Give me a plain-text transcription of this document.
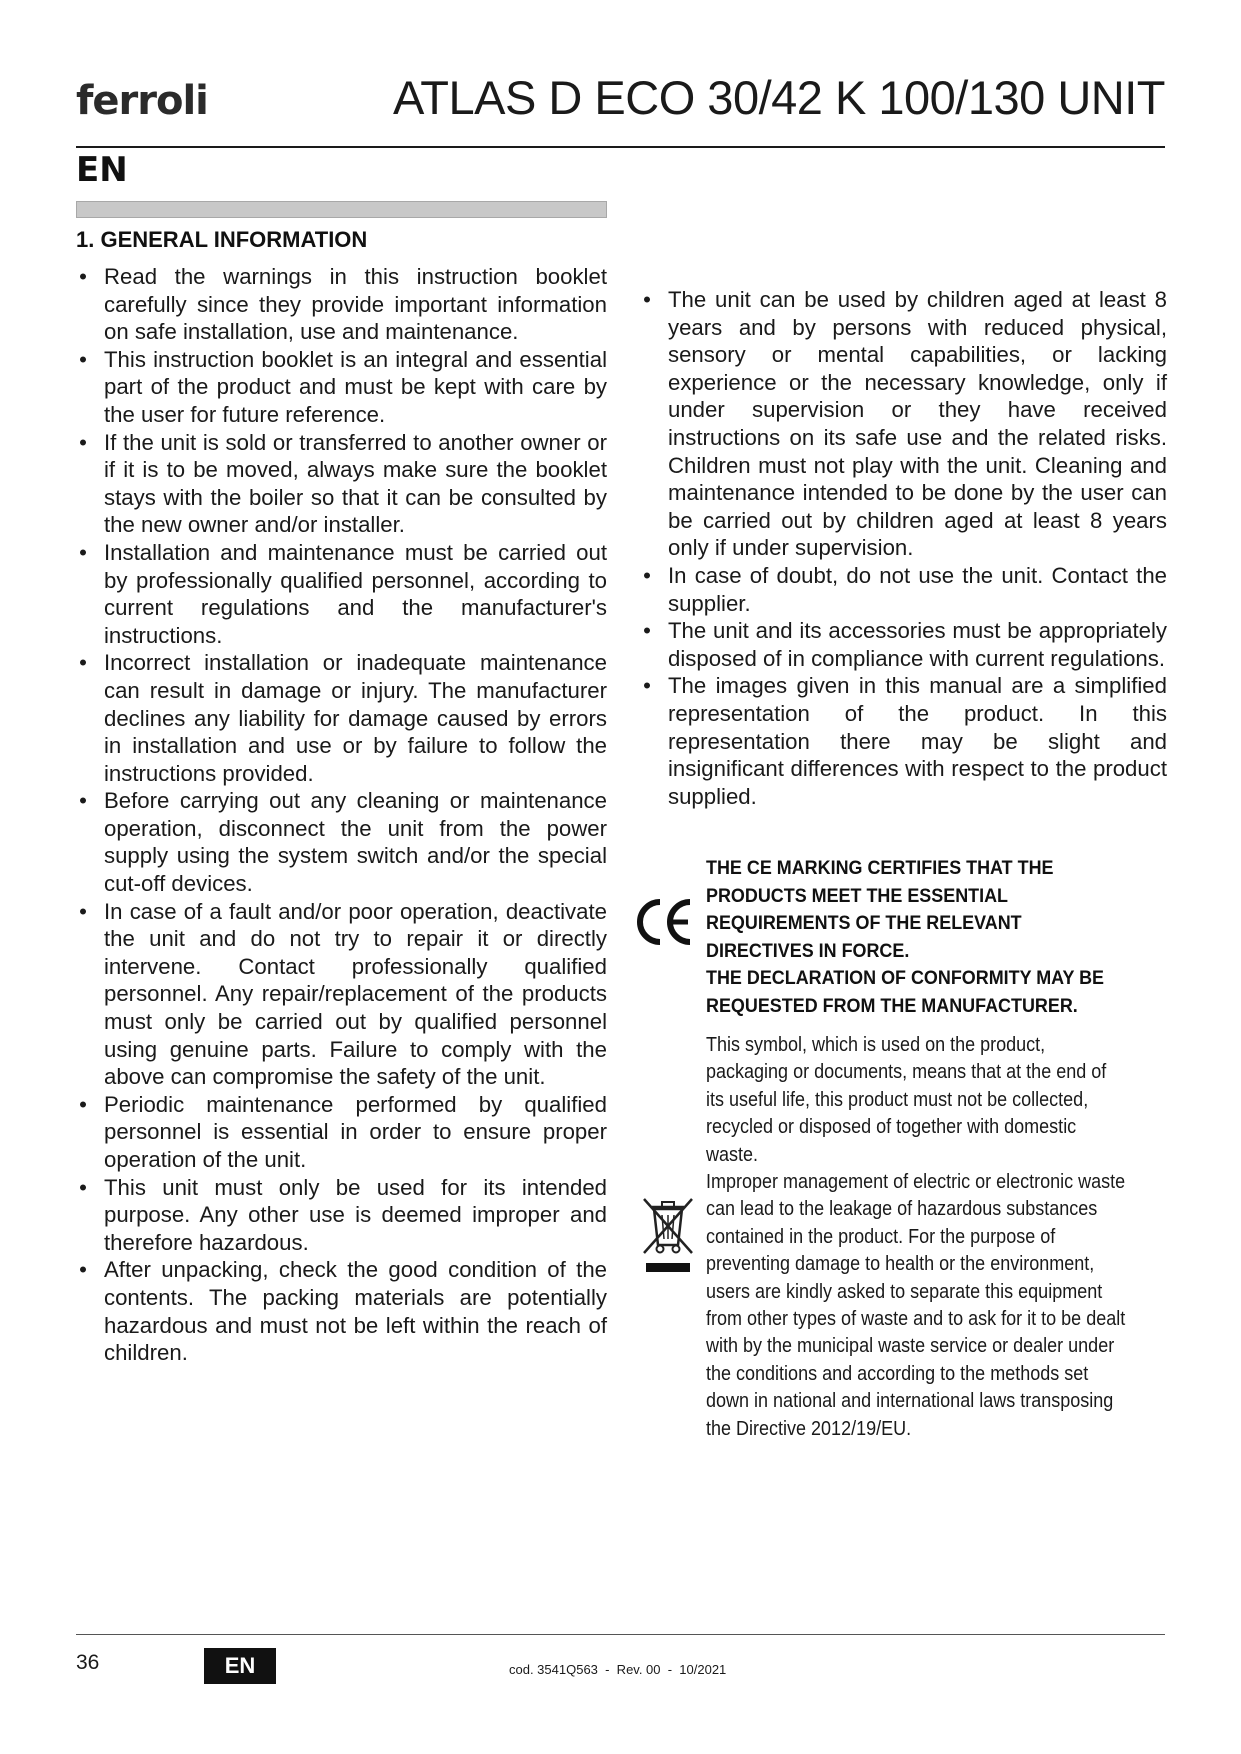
ferroli	ATLAS D ECO 30/42 K 100/130 UNIT
EN
1. GENERAL INFORMATION
• Read the warnings in this instruction booklet carefully since they provide important information on safe installation, use and maintenance.
• This instruction booklet is an integral and essential part of the product and must be kept with care by the user for future reference.
• If the unit is sold or transferred to another owner or if it is to be moved, always make sure the booklet stays with the boiler so that it can be consulted by the new owner and/or installer.
• Installation and maintenance must be carried out by professionally qualified personnel, according to current regulations and the manufacturer's instructions.
• Incorrect installation or inadequate maintenance can result in damage or injury. The manufacturer declines any liability for damage caused by errors in installation and use or by failure to follow the instructions provided.
• Before carrying out any cleaning or maintenance operation, disconnect the unit from the power supply using the system switch and/or the special cut-off devices.
• In case of a fault and/or poor operation, deactivate the unit and do not try to repair it or directly intervene. Contact professionally qualified personnel. Any repair/replacement of the products must only be carried out by qualified personnel using genuine parts. Failure to comply with the above can compromise the safety of the unit.
• Periodic maintenance performed by qualified personnel is essential in order to ensure proper operation of the unit.
• This unit must only be used for its intended purpose. Any other use is deemed improper and therefore hazardous.
• After unpacking, check the good condition of the contents. The packing materials are potentially hazardous and must not be left within the reach of children.
• The unit can be used by children aged at least 8 years and by persons with reduced physical, sensory or mental capabilities, or lacking experience or the necessary knowledge, only if under supervision or they have received instructions on its safe use and the related risks. Children must not play with the unit. Cleaning and maintenance intended to be done by the user can be carried out by children aged at least 8 years only if under supervision.
• In case of doubt, do not use the unit. Contact the supplier.
• The unit and its accessories must be appropriately disposed of in compliance with current regulations.
• The images given in this manual are a simplified representation of the product. In this representation there may be slight and insignificant differences with respect to the product supplied.

THE CE MARKING CERTIFIES THAT THE PRODUCTS MEET THE ESSENTIAL REQUIREMENTS OF THE RELEVANT DIRECTIVES IN FORCE.

THE DECLARATION OF CONFORMITY MAY BE REQUESTED FROM THE MANUFACTURER.

This symbol, which is used on the product, packaging or documents, means that at the end of its useful life, this product must not be collected, recycled or disposed of together with domestic waste.

Improper management of electric or electronic waste can lead to the leakage of hazardous substances contained in the product. For the purpose of preventing damage to health or the environment, users are kindly asked to separate this equipment from other types of waste and to ask for it to be dealt with by the municipal waste service or dealer under the conditions and according to the methods set down in national and international laws transposing the Directive 2012/19/EU.

36	EN	cod. 3541Q563  -  Rev. 00  -  10/2021
